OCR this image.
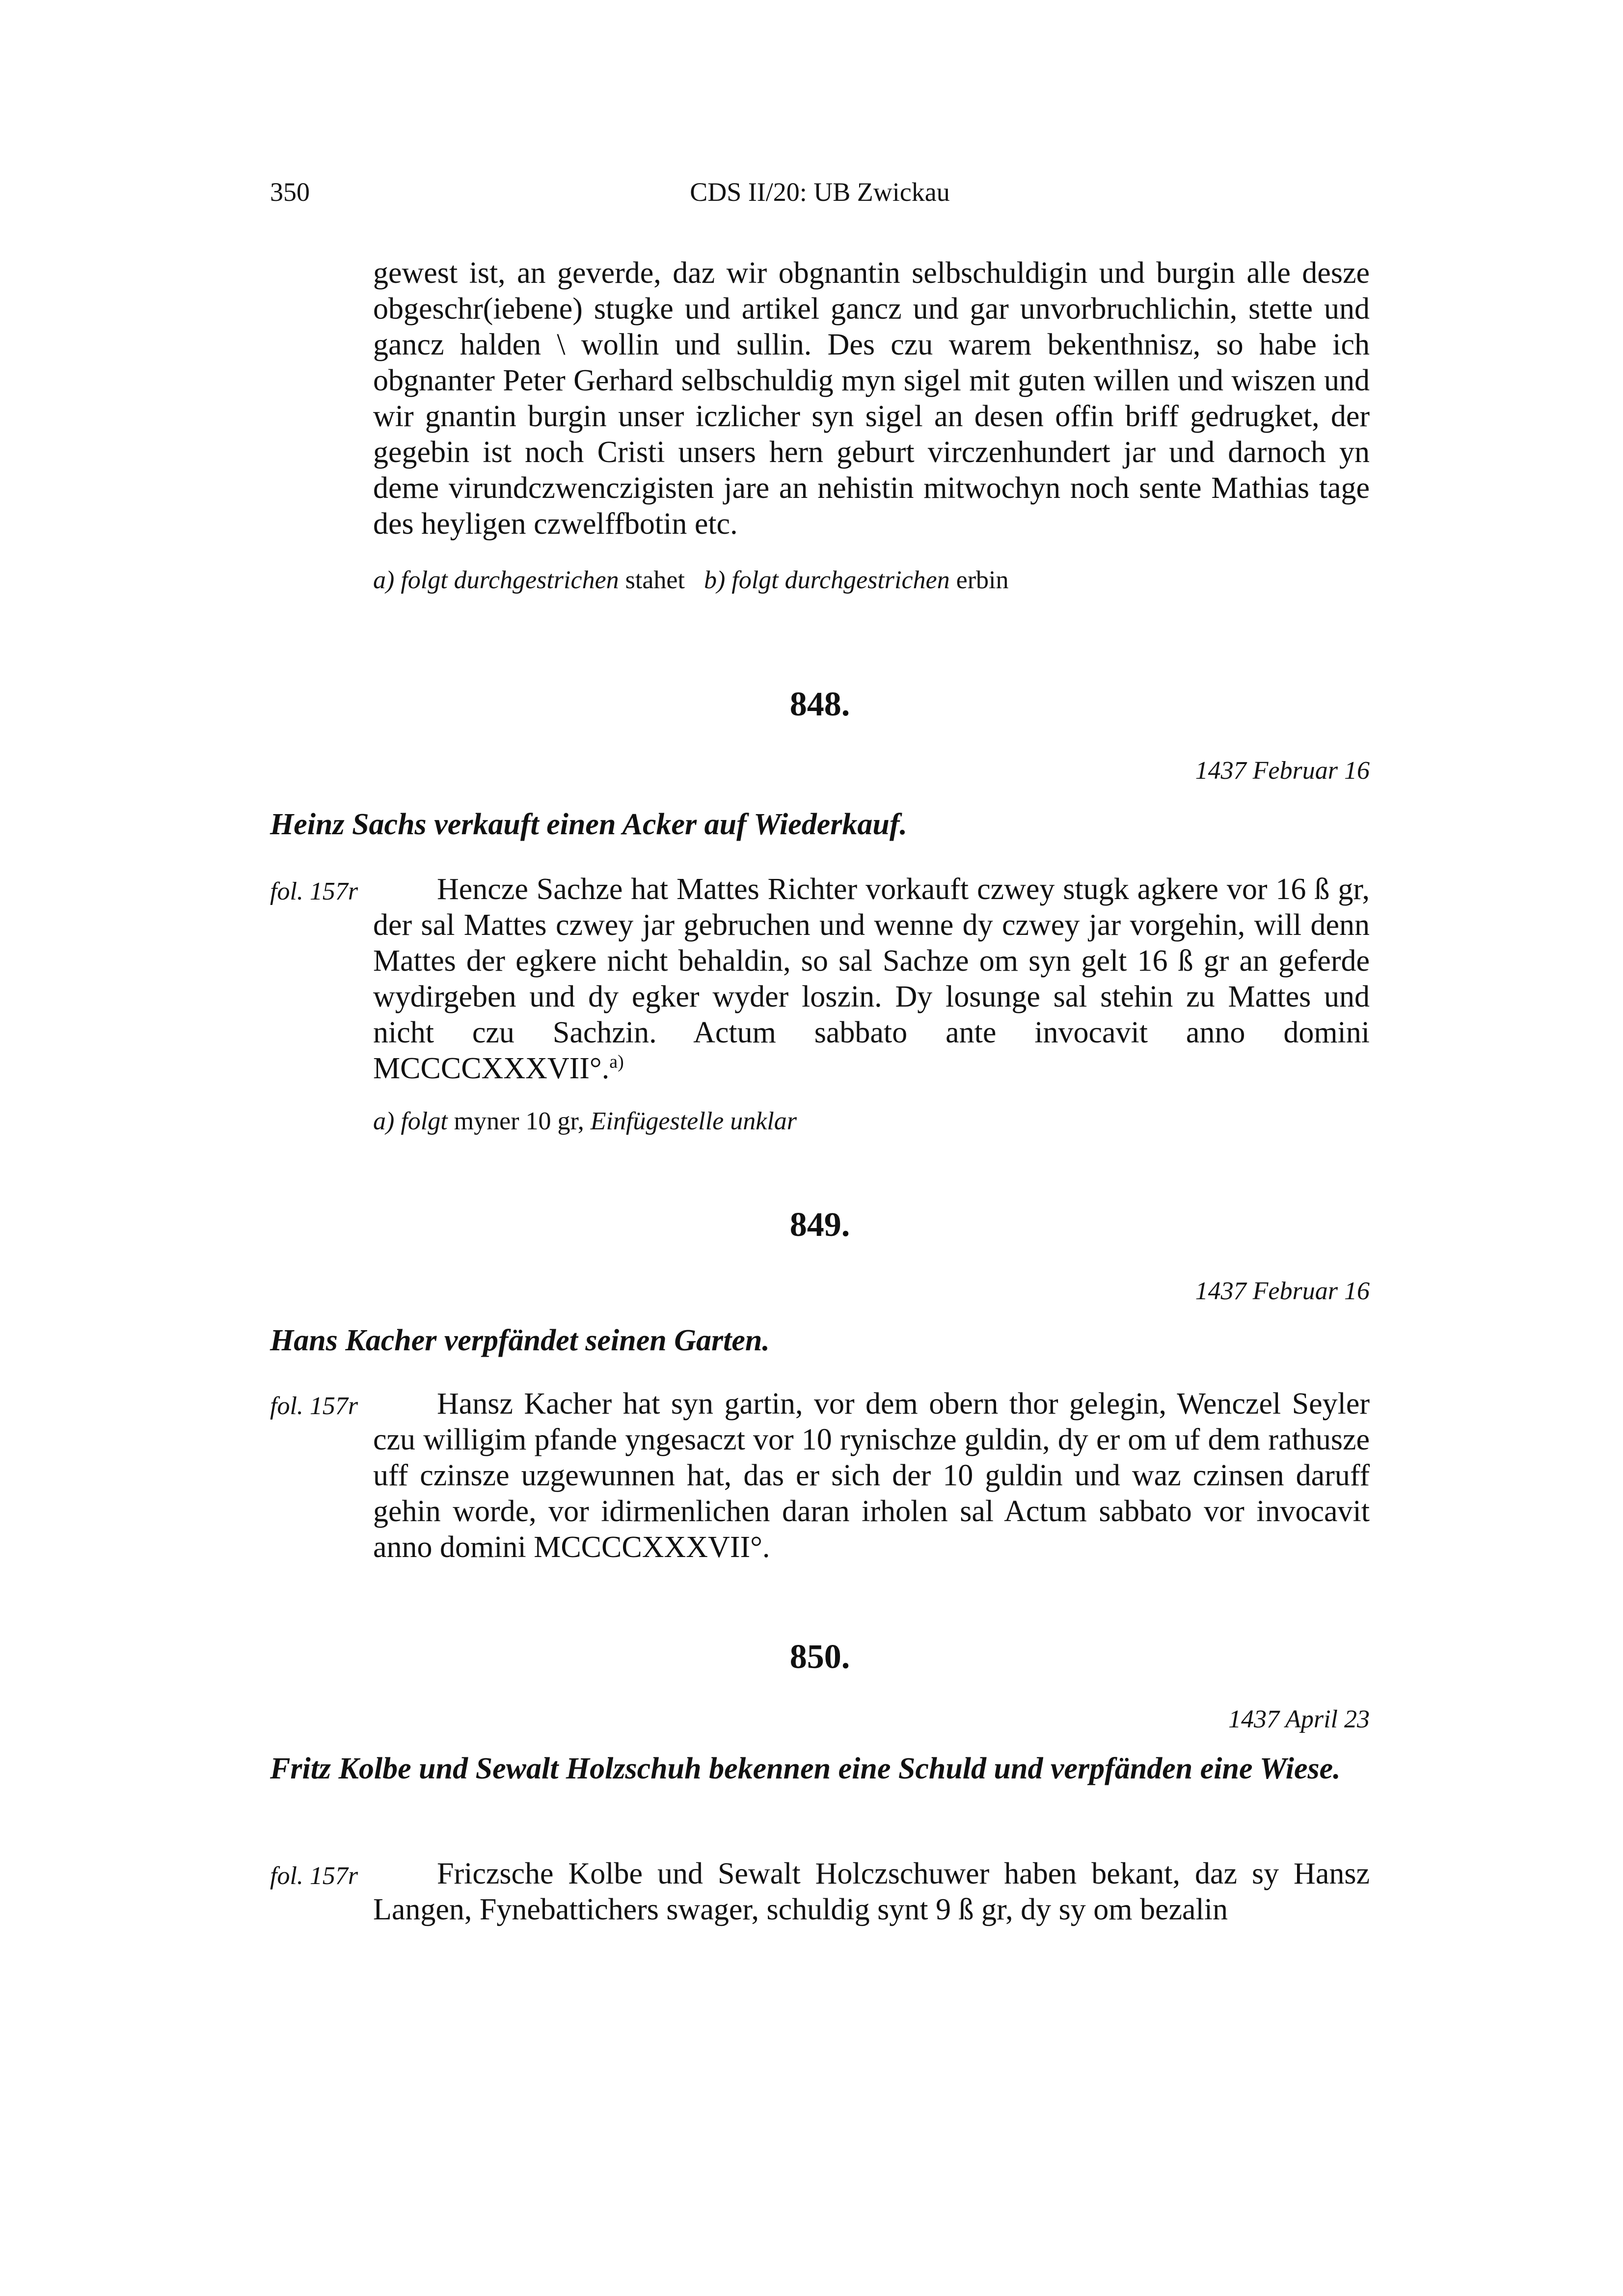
350	CDS II/20: UB Zwickau
gewest ist, an geverde, daz wir obgnantin selbschuldigin und burgin alle desze obgeschr(iebene) stugke und artikel gancz und gar unvorbruchlichin, stette und gancz halden \ wollin und sullin. Des czu warem bekenthnisz, so habe ich obgnanter Peter Gerhard selbschuldig myn sigel mit guten willen und wiszen und wir gnantin burgin unser iczlicher syn sigel an desen offin briff gedrugket, der gegebin ist noch Cristi unsers hern geburt virczenhundert jar und darnoch yn deme virundczwenczigisten jare an nehistin mitwochyn noch sente Mathias tage des heyligen czwelffbotin etc.
a) folgt durchgestrichen stahet b) folgt durchgestrichen erbin
848.
1437 Februar 16
Heinz Sachs verkauft einen Acker auf Wiederkauf.
fol. 157r	Hencze Sachze hat Mattes Richter vorkauft czwey stugk agkere vor 16 ß gr, der sal Mattes czwey jar gebruchen und wenne dy czwey jar vorgehin, will denn Mattes der egkere nicht behaldin, so sal Sachze om syn gelt 16 ß gr an geferde wydirgeben und dy egker wyder loszin. Dy losunge sal stehin zu Mattes und nicht czu Sachzin. Actum sabbato ante invocavit anno domini MCCCCXXXVII°.$^{a)}$
a) folgt myner 10 gr, Einfügestelle unklar
849.
1437 Februar 16
Hans Kacher verpfändet seinen Garten.
fol. 157r	Hansz Kacher hat syn gartin, vor dem obern thor gelegin, Wenczel Seyler czu willigim pfande yngesaczt vor 10 rynischze guldin, dy er om uf dem rathusze uff czinsze uzgewunnen hat, das er sich der 10 guldin und waz czinsen daruff gehin worde, vor idirmenlichen daran irholen sal Actum sabbato vor invocavit anno domini MCCCCXXXVII°.
850.
1437 April 23
Fritz Kolbe und Sewalt Holzschuh bekennen eine Schuld und verpfänden eine Wiese.
fol. 157r	Friczsche Kolbe und Sewalt Holczschuwer haben bekant, daz sy Hansz Langen, Fynebattichers swager, schuldig synt 9 ß gr, dy sy om bezalin
